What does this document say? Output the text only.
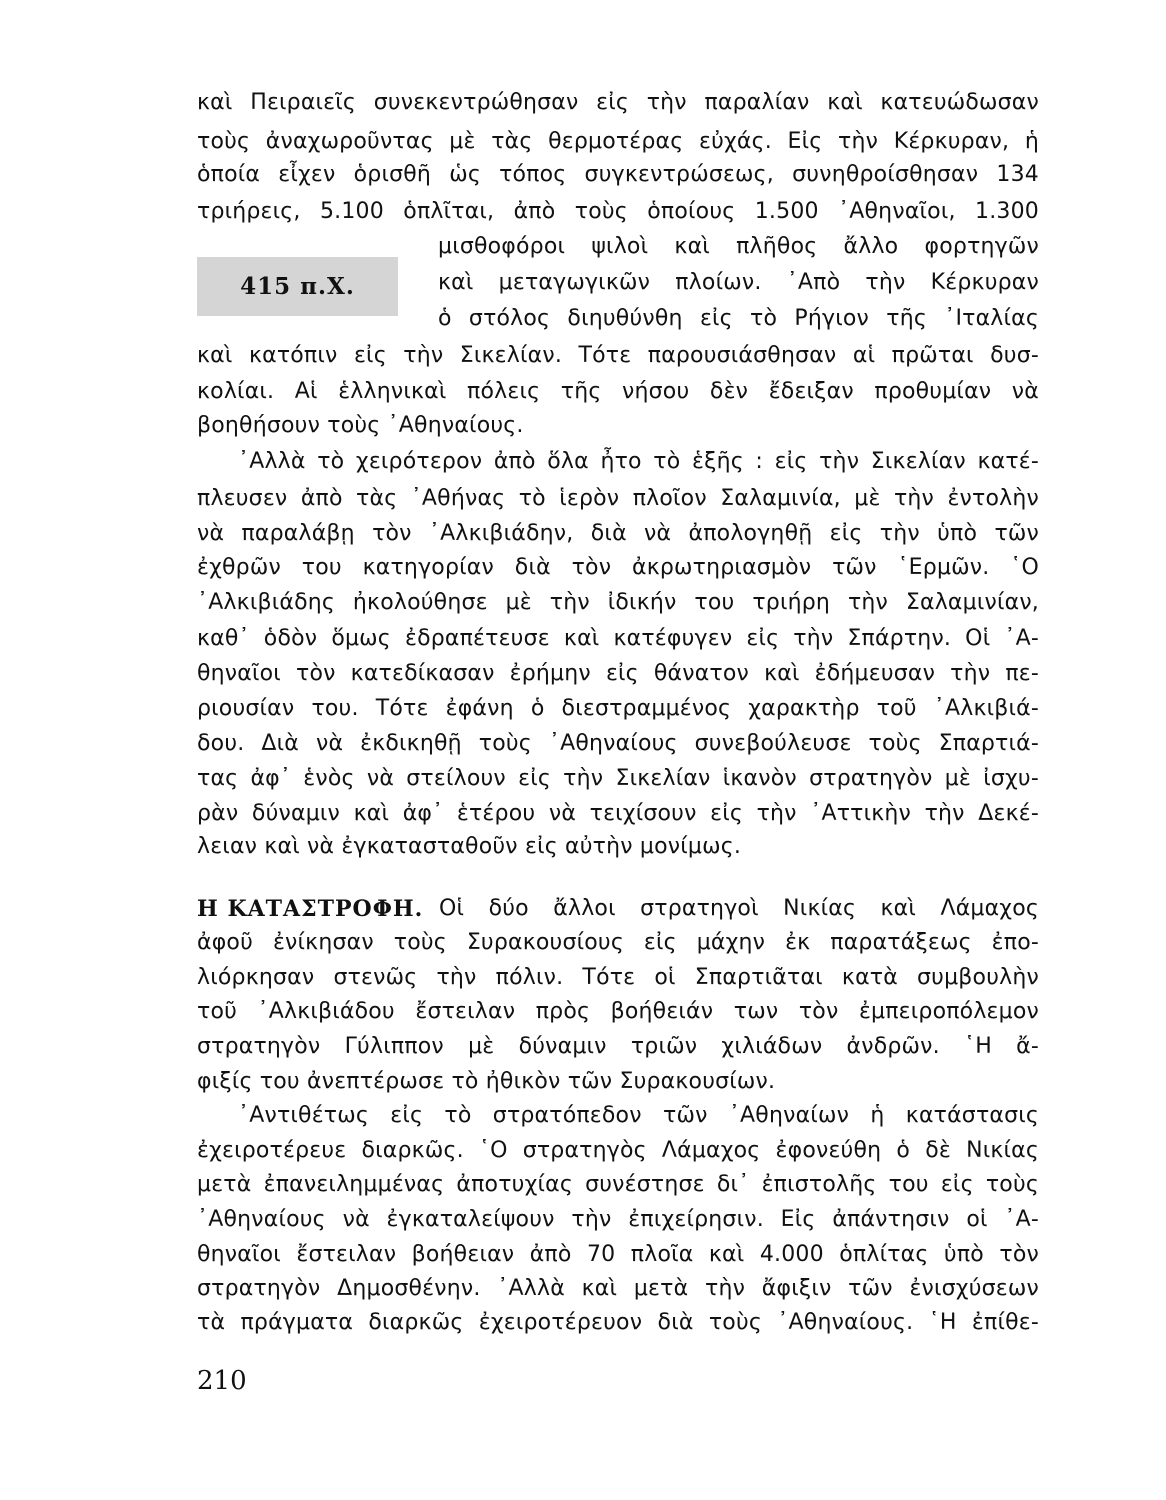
καὶ Πειραιεῖς συνεκεντρώθησαν εἰς τὴν παραλίαν καὶ κατευώδωσαν
τοὺς ἀναχωροῦντας μὲ τὰς θερμοτέρας εὐχάς. Εἰς τὴν Κέρκυραν, ἡ
ὁποία εἶχεν ὁρισθῆ ὡς τόπος συγκεντρώσεως, συνηθροίσθησαν 134
τριήρεις, 5.100 ὁπλῖται, ἀπὸ τοὺς ὁποίους 1.500 ᾿Αθηναῖοι, 1.300
μισθοφόροι ψιλοὶ καὶ πλῆθος ἄλλο φορτηγῶν
415 π.Χ.	καὶ μεταγωγικῶν πλοίων. ᾿Απὸ τὴν Κέρκυραν
ὁ στόλος διηυθύνθη εἰς τὸ Ρήγιον τῆς ᾿Ιταλίας
καὶ κατόπιν εἰς τὴν Σικελίαν. Τότε παρουσιάσθησαν αἱ πρῶται δυσ-
κολίαι. Αἱ ἑλληνικαὶ πόλεις τῆς νήσου δὲν ἔδειξαν προθυμίαν νὰ
βοηθήσουν τοὺς ᾿Αθηναίους.
᾿Αλλὰ τὸ χειρότερον ἀπὸ ὅλα ἦτο τὸ ἑξῆς : εἰς τὴν Σικελίαν κατέ-
πλευσεν ἀπὸ τὰς ᾿Αθήνας τὸ ἱερὸν πλοῖον Σαλαμινία, μὲ τὴν ἐντολὴν
νὰ παραλάβῃ τὸν ᾿Αλκιβιάδην, διὰ νὰ ἀπολογηθῇ εἰς τὴν ὑπὸ τῶν
ἐχθρῶν του κατηγορίαν διὰ τὸν ἀκρωτηριασμὸν τῶν ῾Ερμῶν. ῾Ο
᾿Αλκιβιάδης ἠκολούθησε μὲ τὴν ἰδικήν του τριήρη τὴν Σαλαμινίαν,
καθ᾿ ὁδὸν ὅμως ἐδραπέτευσε καὶ κατέφυγεν εἰς τὴν Σπάρτην. Οἱ ᾿Α-
θηναῖοι τὸν κατεδίκασαν ἐρήμην εἰς θάνατον καὶ ἐδήμευσαν τὴν πε-
ριουσίαν του. Τότε ἐφάνη ὁ διεστραμμένος χαρακτὴρ τοῦ ᾿Αλκιβιά-
δου. Διὰ νὰ ἐκδικηθῇ τοὺς ᾿Αθηναίους συνεβούλευσε τοὺς Σπαρτιά-
τας ἀφ᾿ ἑνὸς νὰ στείλουν εἰς τὴν Σικελίαν ἱκανὸν στρατηγὸν μὲ ἰσχυ-
ρὰν δύναμιν καὶ ἀφ᾿ ἑτέρου νὰ τειχίσουν εἰς τὴν ᾿Αττικὴν τὴν Δεκέ-
λειαν καὶ νὰ ἐγκατασταθοῦν εἰς αὐτὴν μονίμως.
Η ΚΑΤΑΣΤΡΟΦΗ. Οἱ δύο ἄλλοι στρατηγοὶ Νικίας καὶ Λάμαχος
ἀφοῦ ἐνίκησαν τοὺς Συρακουσίους εἰς μάχην ἐκ παρατάξεως ἐπο-
λιόρκησαν στενῶς τὴν πόλιν. Τότε οἱ Σπαρτιᾶται κατὰ συμβουλὴν
τοῦ ᾿Αλκιβιάδου ἔστειλαν πρὸς βοήθειάν των τὸν ἐμπειροπόλεμον
στρατηγὸν Γύλιππον μὲ δύναμιν τριῶν χιλιάδων ἀνδρῶν. ῾Η ἄ-
φιξίς του ἀνεπτέρωσε τὸ ἠθικὸν τῶν Συρακουσίων.
᾿Αντιθέτως εἰς τὸ στρατόπεδον τῶν ᾿Αθηναίων ἡ κατάστασις
ἐχειροτέρευε διαρκῶς. ῾Ο στρατηγὸς Λάμαχος ἐφονεύθη ὁ δὲ Νικίας
μετὰ ἐπανειλημμένας ἀποτυχίας συνέστησε δι᾿ ἐπιστολῆς του εἰς τοὺς
᾿Αθηναίους νὰ ἐγκαταλείψουν τὴν ἐπιχείρησιν. Εἰς ἀπάντησιν οἱ ᾿Α-
θηναῖοι ἔστειλαν βοήθειαν ἀπὸ 70 πλοῖα καὶ 4.000 ὁπλίτας ὑπὸ τὸν
στρατηγὸν Δημοσθένην. ᾿Αλλὰ καὶ μετὰ τὴν ἄφιξιν τῶν ἐνισχύσεων
τὰ πράγματα διαρκῶς ἐχειροτέρευον διὰ τοὺς ᾿Αθηναίους. ῾Η ἐπίθε-
210
